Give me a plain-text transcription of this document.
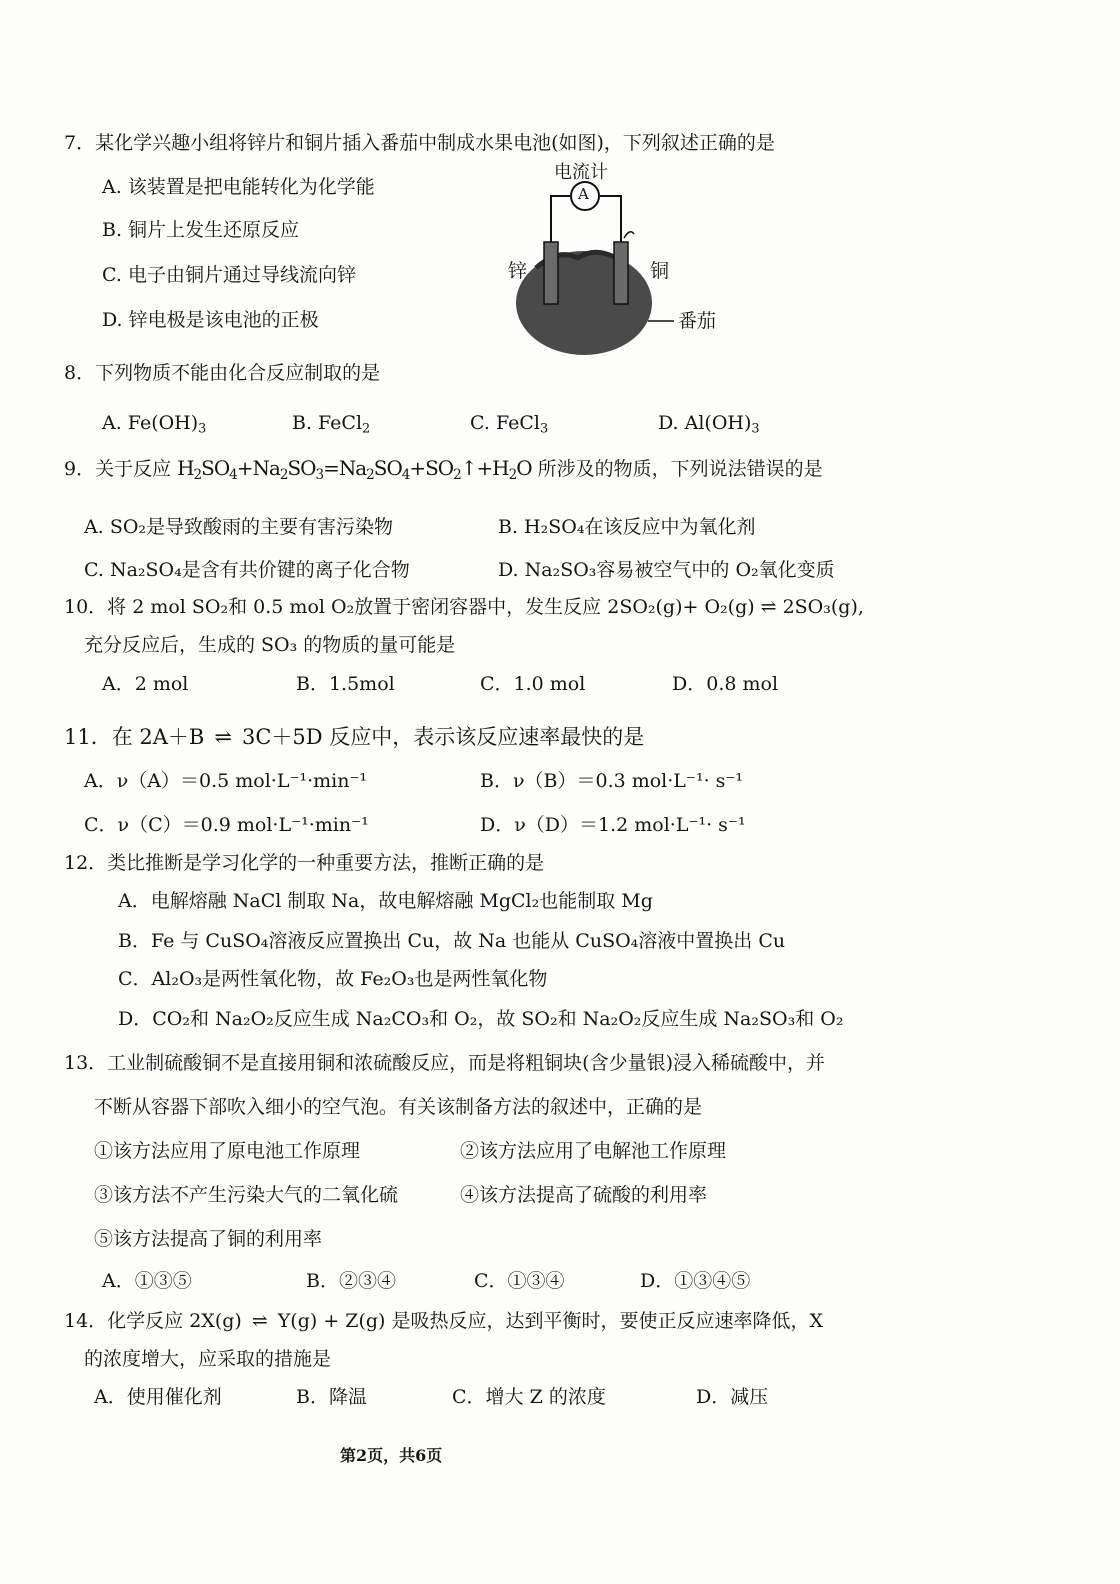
7．某化学兴趣小组将锌片和铜片插入番茄中制成水果电池(如图)，下列叙述正确的是
A. 该装置是把电能转化为化学能
B. 铜片上发生还原反应
C. 电子由铜片通过导线流向锌
D. 锌电极是该电池的正极
电流计
A
锌	铜
番茄
8．下列物质不能由化合反应制取的是
A. $Fe(OH)_3$	B. FeCl$_2$	C. FeCl$_3$	D. $Al(OH)_3$
9．关于反应 $H_2SO_4+Na_2SO_3=Na_2SO_4+SO_2↑+H_2O$ 所涉及的物质，下列说法错误的是
A. SO₂是导致酸雨的主要有害污染物	B. H₂SO₄在该反应中为氧化剂
C. Na₂SO₄是含有共价键的离子化合物	D. Na₂SO₃容易被空气中的 O₂氧化变质
10．将 2 mol SO₂和 0.5 mol O₂放置于密闭容器中，发生反应 2SO₂(g)+ O₂(g) ⇌ 2SO₃(g),
充分反应后，生成的 SO₃ 的物质的量可能是
A．2 mol	B．1.5mol	C．1.0 mol	D．0.8 mol
11．在 2A＋B ⇌ 3C＋5D 反应中，表示该反应速率最快的是
A．ν（A）＝0.5 mol·L⁻¹·min⁻¹	B．ν（B）＝0.3 mol·L⁻¹· s⁻¹
C．ν（C）＝0.9 mol·L⁻¹·min⁻¹	D．ν（D）＝1.2 mol·L⁻¹· s⁻¹
12．类比推断是学习化学的一种重要方法，推断正确的是
A．电解熔融 NaCl 制取 Na，故电解熔融 MgCl₂也能制取 Mg
B．Fe 与 CuSO₄溶液反应置换出 Cu，故 Na 也能从 CuSO₄溶液中置换出 Cu
C．Al₂O₃是两性氧化物，故 Fe₂O₃也是两性氧化物
D．CO₂和 Na₂O₂反应生成 Na₂CO₃和 O₂，故 SO₂和 Na₂O₂反应生成 Na₂SO₃和 O₂
13．工业制硫酸铜不是直接用铜和浓硫酸反应，而是将粗铜块(含少量银)浸入稀硫酸中，并
不断从容器下部吹入细小的空气泡。有关该制备方法的叙述中，正确的是
①该方法应用了原电池工作原理	②该方法应用了电解池工作原理
③该方法不产生污染大气的二氧化硫	④该方法提高了硫酸的利用率
⑤该方法提高了铜的利用率
A．①③⑤	B．②③④	C．①③④	D．①③④⑤
14．化学反应 2X(g) ⇌ Y(g) + Z(g) 是吸热反应，达到平衡时，要使正反应速率降低，X
的浓度增大，应采取的措施是
A．使用催化剂	B．降温	C．增大 Z 的浓度	D．减压
第2页，共6页
